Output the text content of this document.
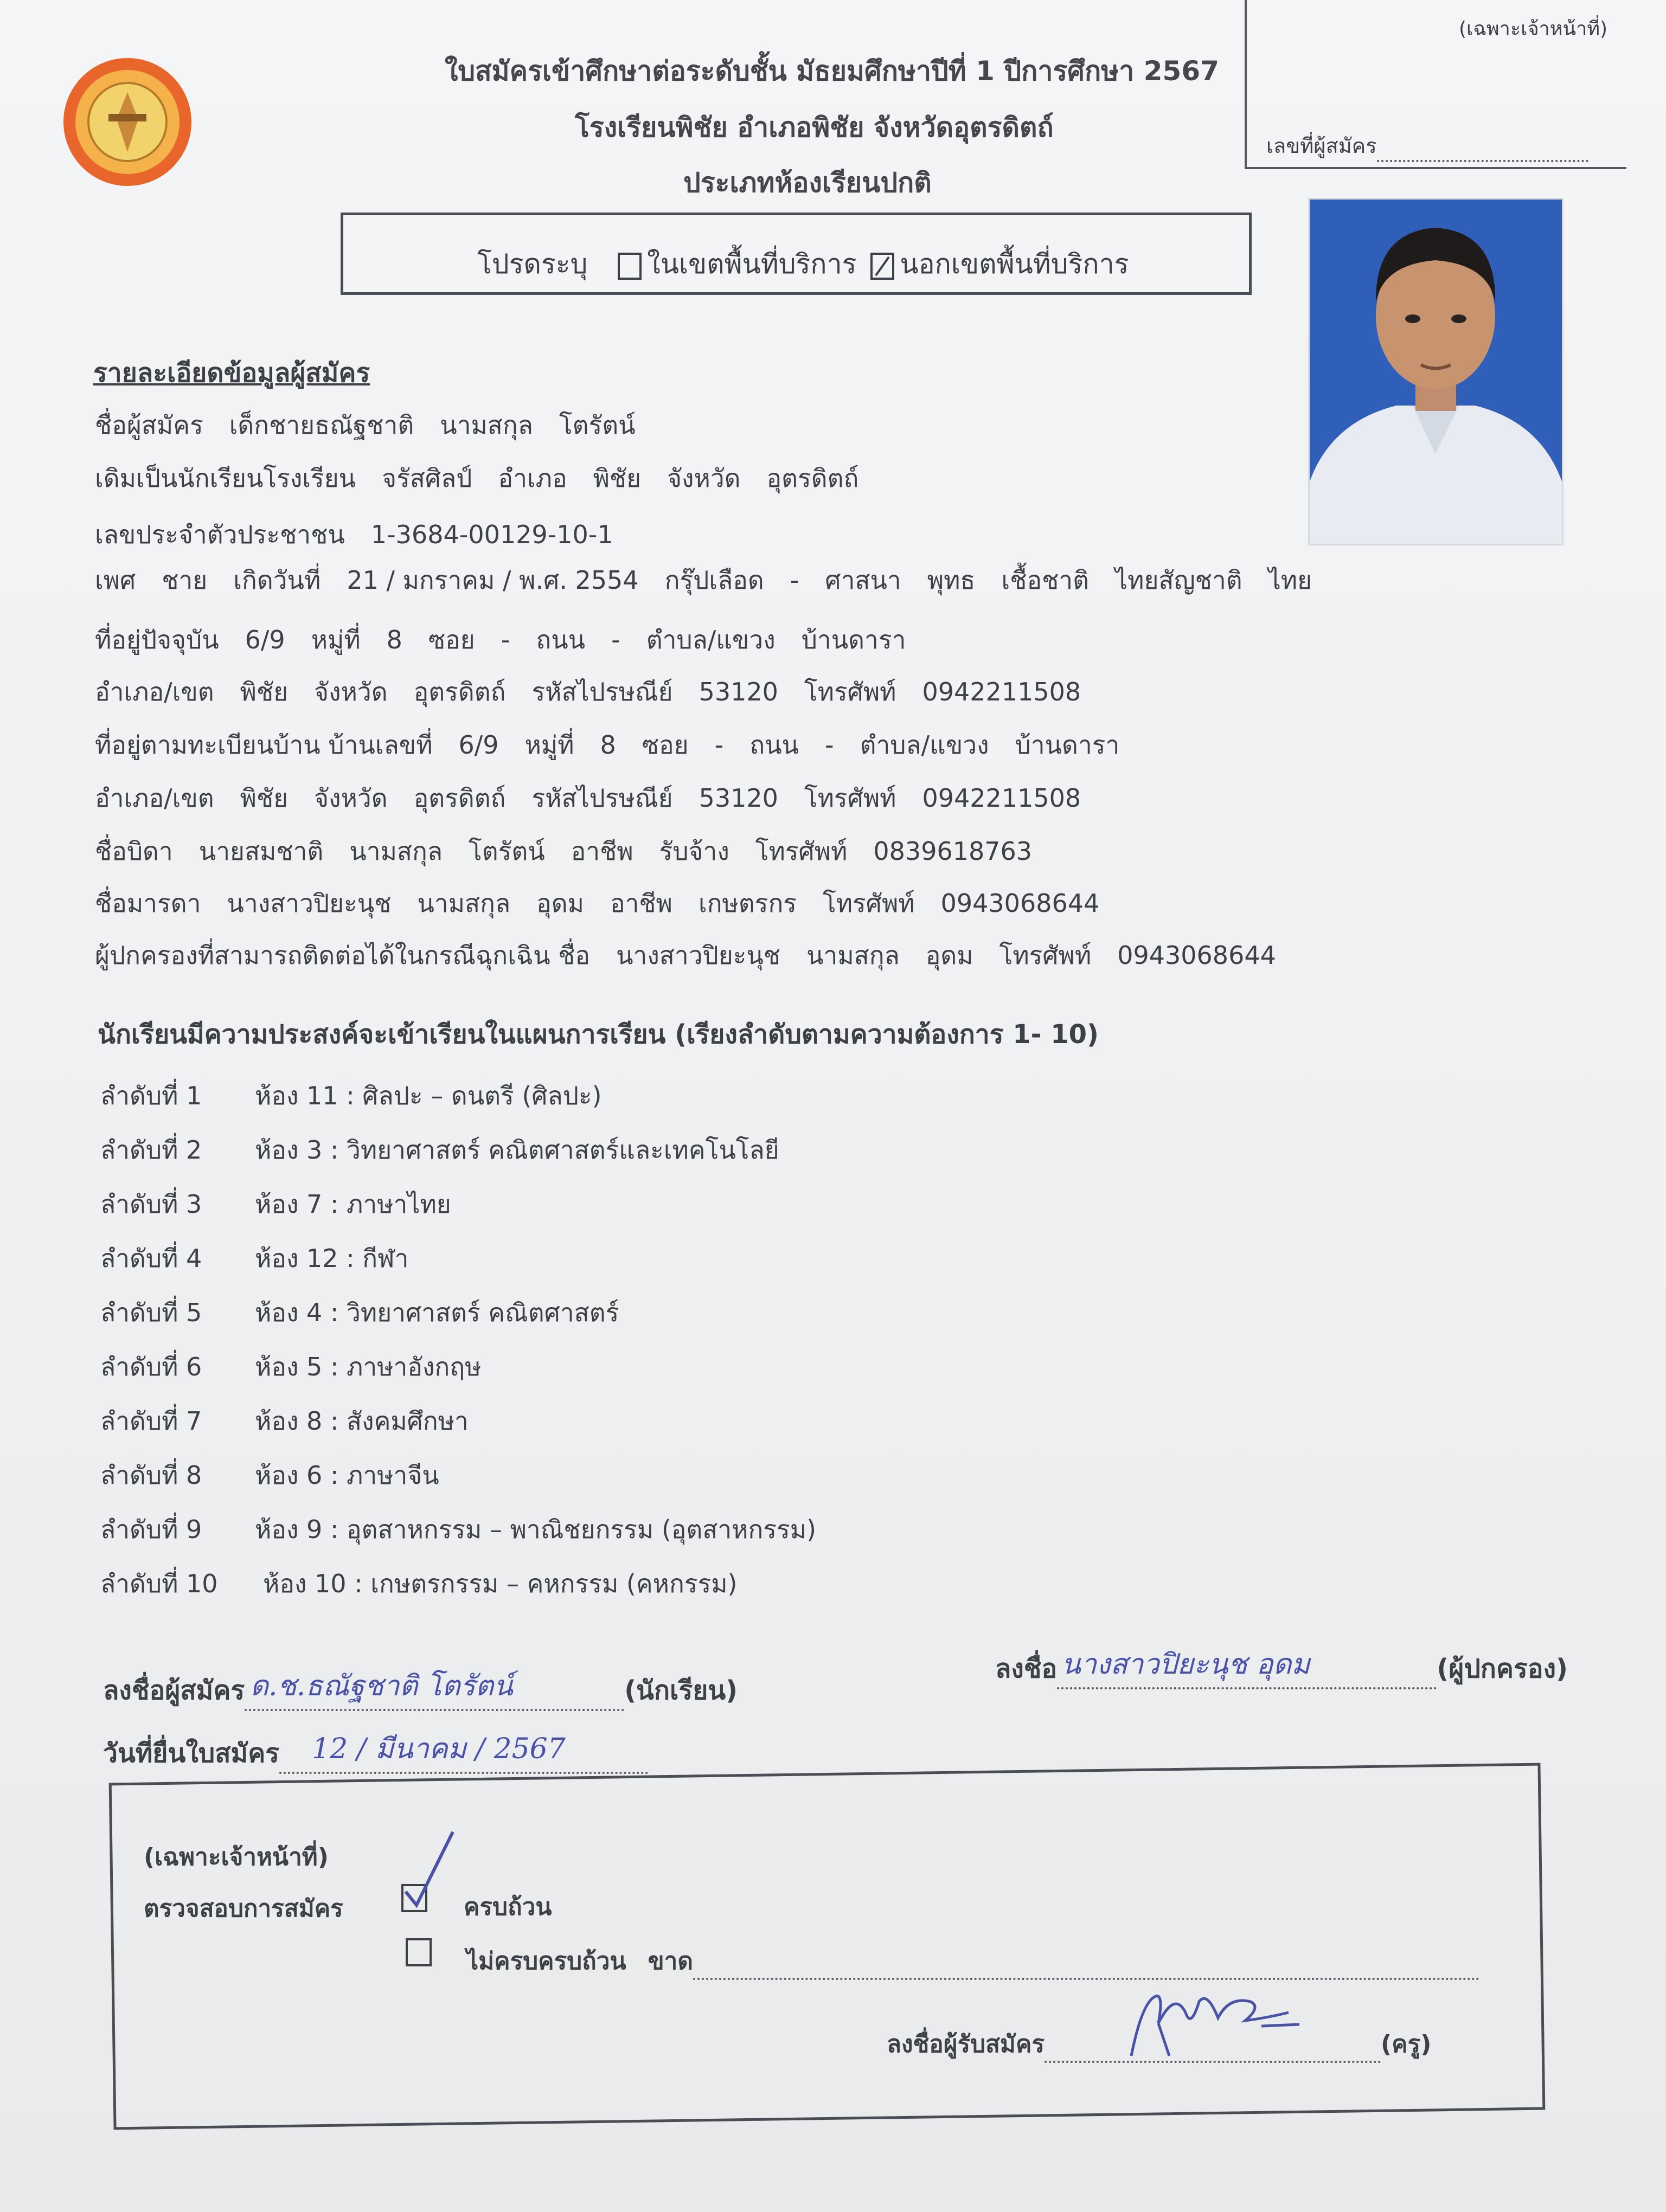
ใบสมัครเข้าศึกษาต่อระดับชั้น มัธยมศึกษาปีที่ 1 ปีการศึกษา 2567
โรงเรียนพิชัย อำเภอพิชัย จังหวัดอุตรดิตถ์
ประเภทห้องเรียนปกติ
(เฉพาะเจ้าหน้าที่)
เลขที่ผู้สมัคร
โปรดระบุ ในเขตพื้นที่บริการ นอกเขตพื้นที่บริการ
รายละเอียดข้อมูลผู้สมัคร
ชื่อผู้สมัคร เด็กชายธณัฐชาติ นามสกุล โตรัตน์
เดิมเป็นนักเรียนโรงเรียน จรัสศิลป์ อำเภอ พิชัย จังหวัด อุตรดิตถ์
เลขประจำตัวประชาชน 1-3684-00129-10-1
เพศ ชาย เกิดวันที่ 21 / มกราคม / พ.ศ. 2554 กรุ๊ปเลือด - ศาสนา พุทธ เชื้อชาติ ไทยสัญชาติ ไทย
ที่อยู่ปัจจุบัน 6/9 หมู่ที่ 8 ซอย - ถนน - ตำบล/แขวง บ้านดารา
อำเภอ/เขต พิชัย จังหวัด อุตรดิตถ์ รหัสไปรษณีย์ 53120 โทรศัพท์ 0942211508
ที่อยู่ตามทะเบียนบ้าน บ้านเลขที่ 6/9 หมู่ที่ 8 ซอย - ถนน - ตำบล/แขวง บ้านดารา
อำเภอ/เขต พิชัย จังหวัด อุตรดิตถ์ รหัสไปรษณีย์ 53120 โทรศัพท์ 0942211508
ชื่อบิดา นายสมชาติ นามสกุล โตรัตน์ อาชีพ รับจ้าง โทรศัพท์ 0839618763
ชื่อมารดา นางสาวปิยะนุช นามสกุล อุดม อาชีพ เกษตรกร โทรศัพท์ 0943068644
ผู้ปกครองที่สามารถติดต่อได้ในกรณีฉุกเฉิน ชื่อ นางสาวปิยะนุช นามสกุล อุดม โทรศัพท์ 0943068644
นักเรียนมีความประสงค์จะเข้าเรียนในแผนการเรียน (เรียงลำดับตามความต้องการ 1- 10)
ลำดับที่ 1 ห้อง 11 : ศิลปะ – ดนตรี (ศิลปะ)
ลำดับที่ 2 ห้อง 3 : วิทยาศาสตร์ คณิตศาสตร์และเทคโนโลยี
ลำดับที่ 3 ห้อง 7 : ภาษาไทย
ลำดับที่ 4 ห้อง 12 : กีฬา
ลำดับที่ 5 ห้อง 4 : วิทยาศาสตร์ คณิตศาสตร์
ลำดับที่ 6 ห้อง 5 : ภาษาอังกฤษ
ลำดับที่ 7 ห้อง 8 : สังคมศึกษา
ลำดับที่ 8 ห้อง 6 : ภาษาจีน
ลำดับที่ 9 ห้อง 9 : อุตสาหกรรม – พาณิชยกรรม (อุตสาหกรรม)
ลำดับที่ 10 ห้อง 10 : เกษตรกรรม – คหกรรม (คหกรรม)
ลงชื่อผู้สมัคร ด.ช.ธณัฐชาติ โตรัตน์	(นักเรียน)
ลงชื่อ นางสาวปิยะนุช อุดม	(ผู้ปกครอง)
วันที่ยื่นใบสมัคร 12 / มีนาคม / 2567
(เฉพาะเจ้าหน้าที่)
ตรวจสอบการสมัคร	ครบถ้วน
ไม่ครบครบถ้วน ขาด
ลงชื่อผู้รับสมัคร	(ครู)
